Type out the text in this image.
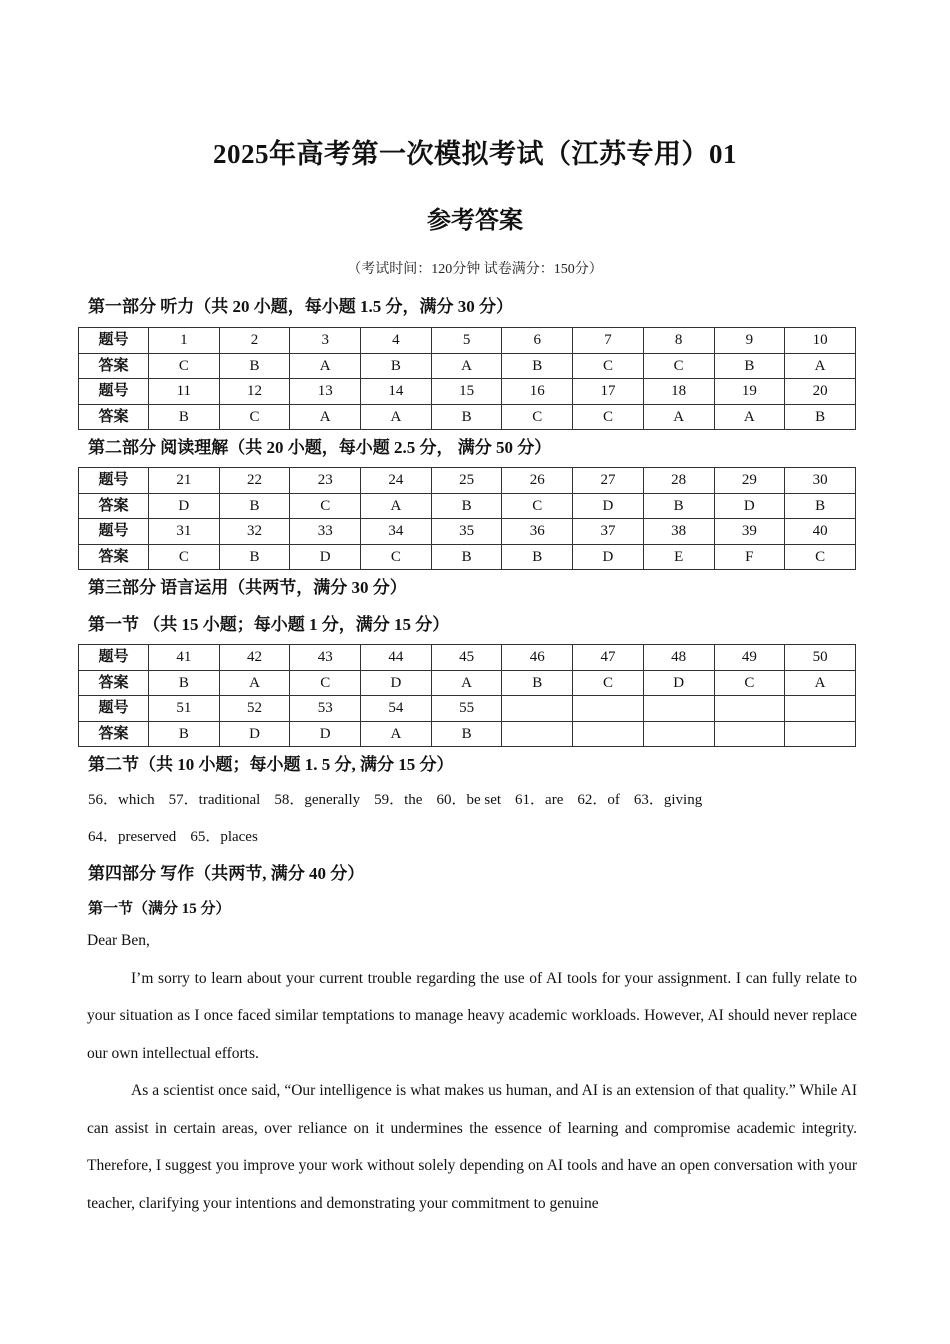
2025年高考第一次模拟考试（江苏专用）01
参考答案
（考试时间：120分钟 试卷满分：150分）
第一部分 听力（共 20 小题，每小题 1.5 分，满分 30 分）
题号	1	2	3	4	5	6	7	8	9	10
答案	C	B	A	B	A	B	C	C	B	A
题号	11	12	13	14	15	16	17	18	19	20
答案	B	C	A	A	B	C	C	A	A	B
第二部分 阅读理解（共 20 小题，每小题 2.5 分， 满分 50 分）
题号	21	22	23	24	25	26	27	28	29	30
答案	D	B	C	A	B	C	D	B	D	B
题号	31	32	33	34	35	36	37	38	39	40
答案	C	B	D	C	B	B	D	E	F	C
第三部分 语言运用（共两节，满分 30 分）
第一节 （共 15 小题；每小题 1 分，满分 15 分）
题号	41	42	43	44	45	46	47	48	49	50
答案	B	A	C	D	A	B	C	D	C	A
题号	51	52	53	54	55					
答案	B	D	D	A	B					
第二节（共 10 小题；每小题 1. 5 分, 满分 15 分）
56．which 57．traditional 58．generally 59．the 60．be set 61．are 62．of 63．giving
64．preserved 65．places
第四部分 写作（共两节, 满分 40 分）
第一节（满分 15 分）

Dear Ben,

I’m sorry to learn about your current trouble regarding the use of AI tools for your assignment. I can fully relate to your situation as I once faced similar temptations to manage heavy academic workloads. However, AI should never replace our own intellectual efforts.

As a scientist once said, “Our intelligence is what makes us human, and AI is an extension of that quality.” While AI can assist in certain areas, over reliance on it undermines the essence of learning and compromise academic integrity. Therefore, I suggest you improve your work without solely depending on AI tools and have an open conversation with your teacher, clarifying your intentions and demonstrating your commitment to genuine
